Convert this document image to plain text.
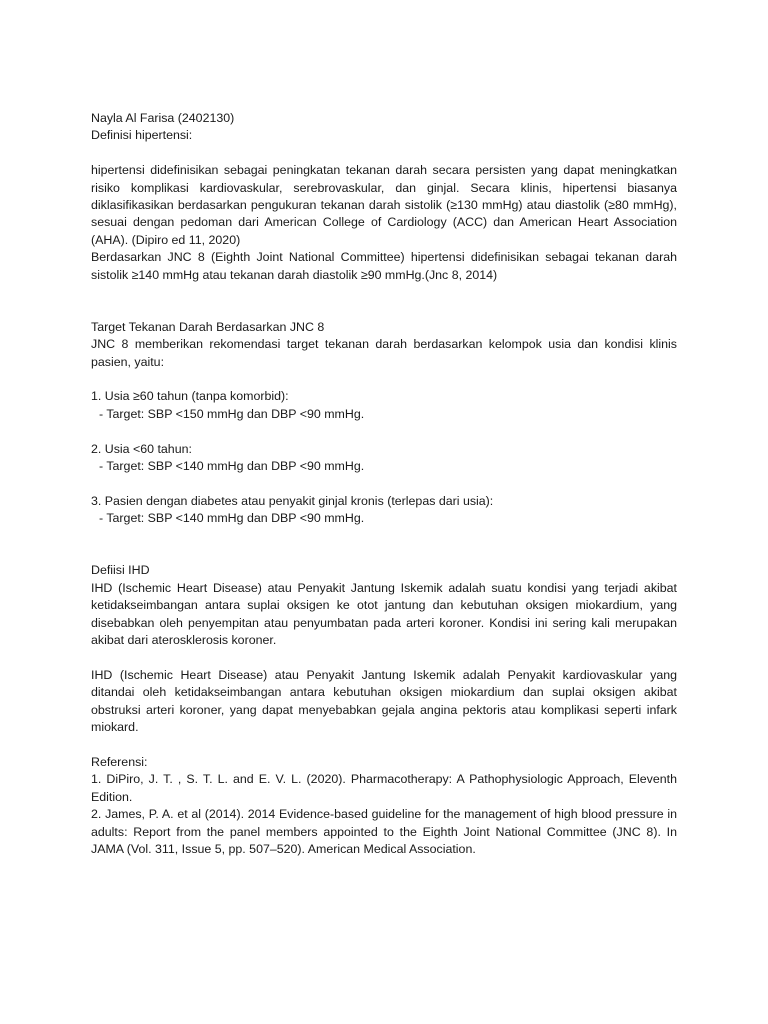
Nayla Al Farisa (2402130)
Definisi hipertensi:

hipertensi didefinisikan sebagai peningkatan tekanan darah secara persisten yang dapat meningkatkan risiko komplikasi kardiovaskular, serebrovaskular, dan ginjal. Secara klinis, hipertensi biasanya diklasifikasikan berdasarkan pengukuran tekanan darah sistolik (≥130 mmHg) atau diastolik (≥80 mmHg), sesuai dengan pedoman dari American College of Cardiology (ACC) dan American Heart Association (AHA). (Dipiro ed 11, 2020)

Berdasarkan JNC 8 (Eighth Joint National Committee) hipertensi didefinisikan sebagai tekanan darah sistolik ≥140 mmHg atau tekanan darah diastolik ≥90 mmHg.(Jnc 8, 2014)

Target Tekanan Darah Berdasarkan JNC 8

JNC 8 memberikan rekomendasi target tekanan darah berdasarkan kelompok usia dan kondisi klinis pasien, yaitu:

1. Usia ≥60 tahun (tanpa komorbid):
- Target: SBP <150 mmHg dan DBP <90 mmHg.
2. Usia <60 tahun:
- Target: SBP <140 mmHg dan DBP <90 mmHg.
3. Pasien dengan diabetes atau penyakit ginjal kronis (terlepas dari usia):
- Target: SBP <140 mmHg dan DBP <90 mmHg.
Defiisi IHD

IHD (Ischemic Heart Disease) atau Penyakit Jantung Iskemik adalah suatu kondisi yang terjadi akibat ketidakseimbangan antara suplai oksigen ke otot jantung dan kebutuhan oksigen miokardium, yang disebabkan oleh penyempitan atau penyumbatan pada arteri koroner. Kondisi ini sering kali merupakan akibat dari aterosklerosis koroner.

IHD (Ischemic Heart Disease) atau Penyakit Jantung Iskemik adalah Penyakit kardiovaskular yang ditandai oleh ketidakseimbangan antara kebutuhan oksigen miokardium dan suplai oksigen akibat obstruksi arteri koroner, yang dapat menyebabkan gejala angina pektoris atau komplikasi seperti infark miokard.

Referensi:

1. DiPiro, J. T. , S. T. L. and E. V. L. (2020). Pharmacotherapy: A Pathophysiologic Approach, Eleventh Edition.

2. James, P. A. et al (2014). 2014 Evidence-based guideline for the management of high blood pressure in adults: Report from the panel members appointed to the Eighth Joint National Committee (JNC 8). In JAMA (Vol. 311, Issue 5, pp. 507–520). American Medical Association.
